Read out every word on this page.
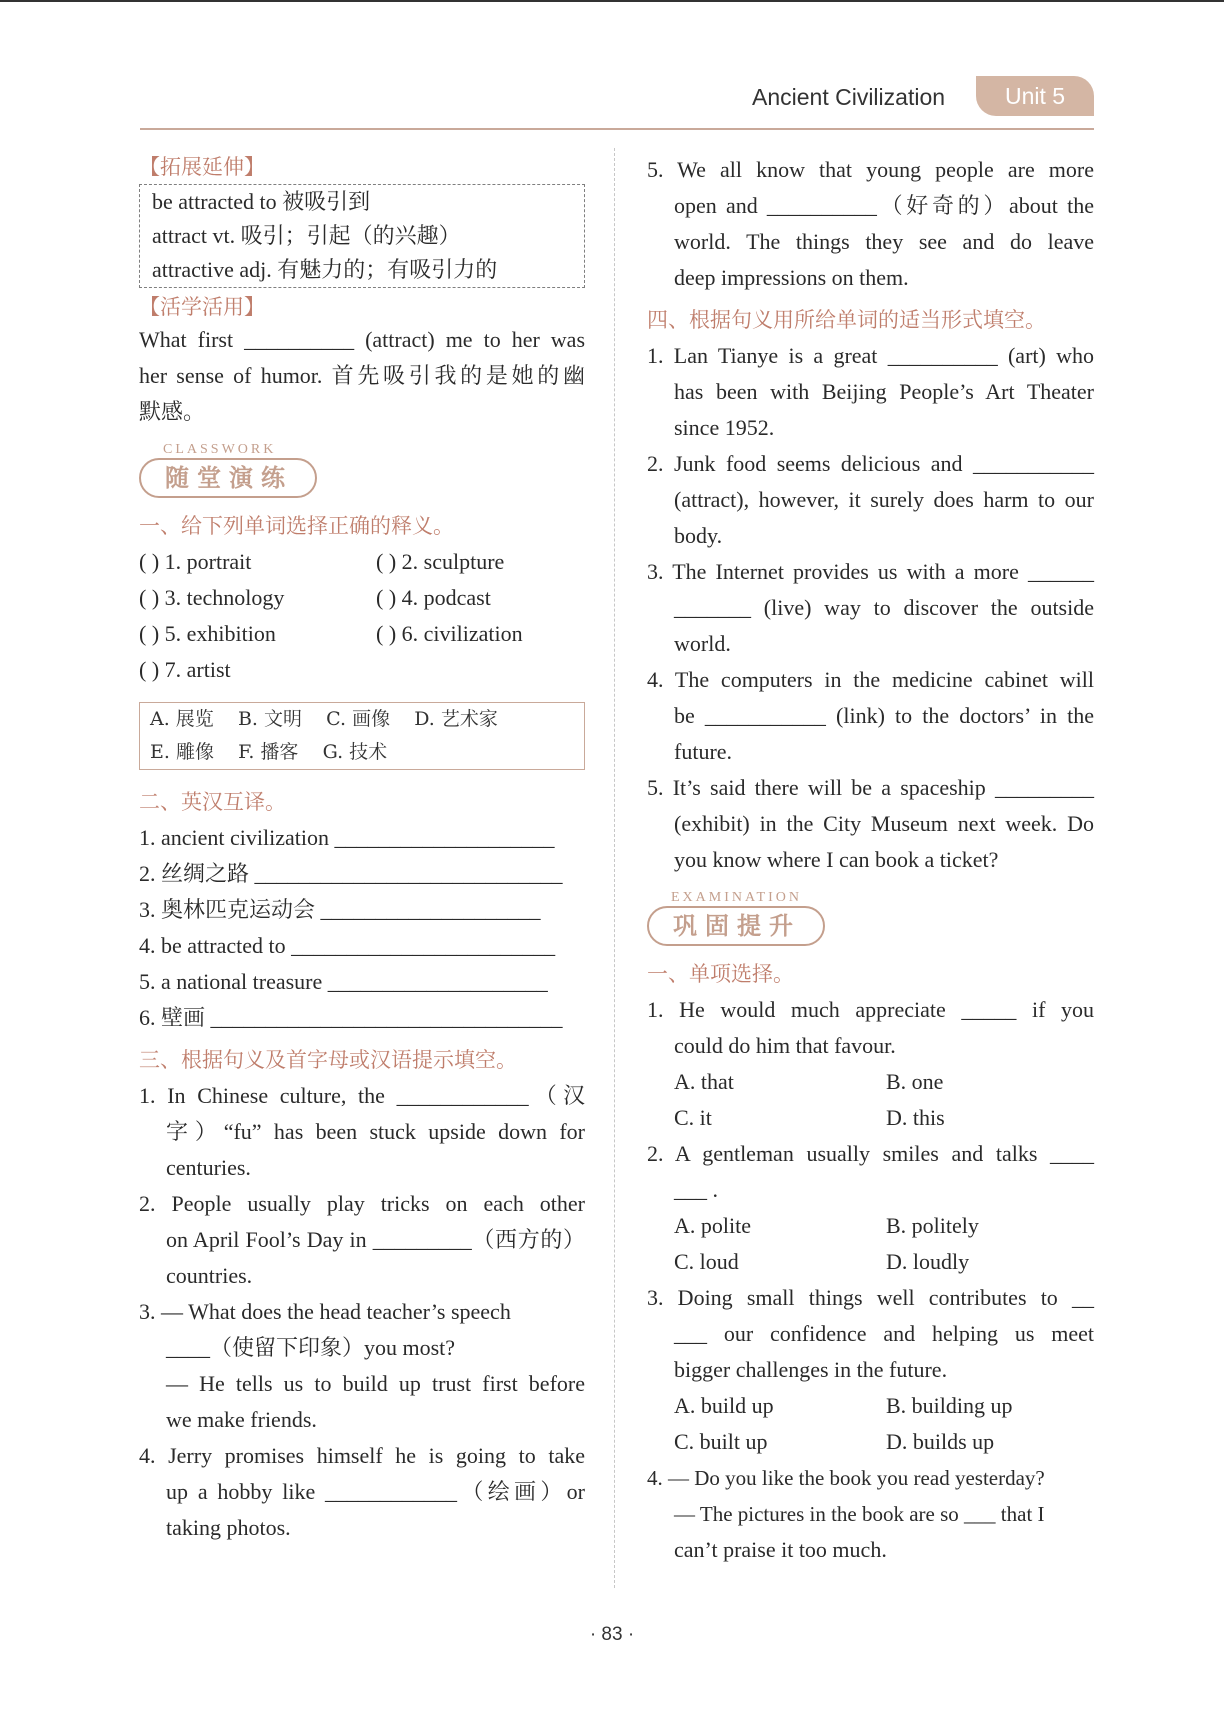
Ancient Civilization	Unit 5
【拓展延伸】
be attracted to 被吸引到
attract vt. 吸引；引起（的兴趣）
attractive adj. 有魅力的；有吸引力的
【活学活用】
What first __________ (attract) me to her was
her sense of humor. 首先吸引我的是她的幽
默感。
CLASSWORK
随堂演练
一、给下列单词选择正确的释义。
( ) 1. portrait	( ) 2. sculpture
( ) 3. technology	( ) 4. podcast
( ) 5. exhibition	( ) 6. civilization
( ) 7. artist
A. 展览    B. 文明    C. 画像    D. 艺术家
E. 雕像    F. 播客    G. 技术
二、英汉互译。
1. ancient civilization ____________________
2. 丝绸之路 ____________________________
3. 奥林匹克运动会 ____________________
4. be attracted to ________________________
5. a national treasure ____________________
6. 壁画 ________________________________
三、根据句义及首字母或汉语提示填空。
1. In Chinese culture, the ____________（汉
字）“fu” has been stuck upside down for
centuries.
2. People usually play tricks on each other
on April Fool’s Day in _________（西方的）
countries.
3. — What does the head teacher’s speech
____（使留下印象）you most?
— He tells us to build up trust first before
we make friends.
4. Jerry promises himself he is going to take
up a hobby like ____________（绘画）or
taking photos.
5. We all know that young people are more
open and __________（好奇的）about the
world. The things they see and do leave
deep impressions on them.
四、根据句义用所给单词的适当形式填空。
1. Lan Tianye is a great __________ (art) who
has been with Beijing People’s Art Theater
since 1952.
2. Junk food seems delicious and ___________
(attract), however, it surely does harm to our
body.
3. The Internet provides us with a more ______
_______ (live) way to discover the outside
world.
4. The computers in the medicine cabinet will
be ___________ (link) to the doctors’ in the
future.
5. It’s said there will be a spaceship _________
(exhibit) in the City Museum next week. Do
you know where I can book a ticket?
EXAMINATION
巩固提升
一、单项选择。
1. He would much appreciate _____ if you
could do him that favour.
A. that	B. one
C. it	D. this
2. A gentleman usually smiles and talks ____
___ .
A. polite	B. politely
C. loud	D. loudly
3. Doing small things well contributes to __
___ our confidence and helping us meet
bigger challenges in the future.
A. build up	B. building up
C. built up	D. builds up
4. — Do you like the book you read yesterday?
— The pictures in the book are so ___ that I
can’t praise it too much.
· 83 ·
